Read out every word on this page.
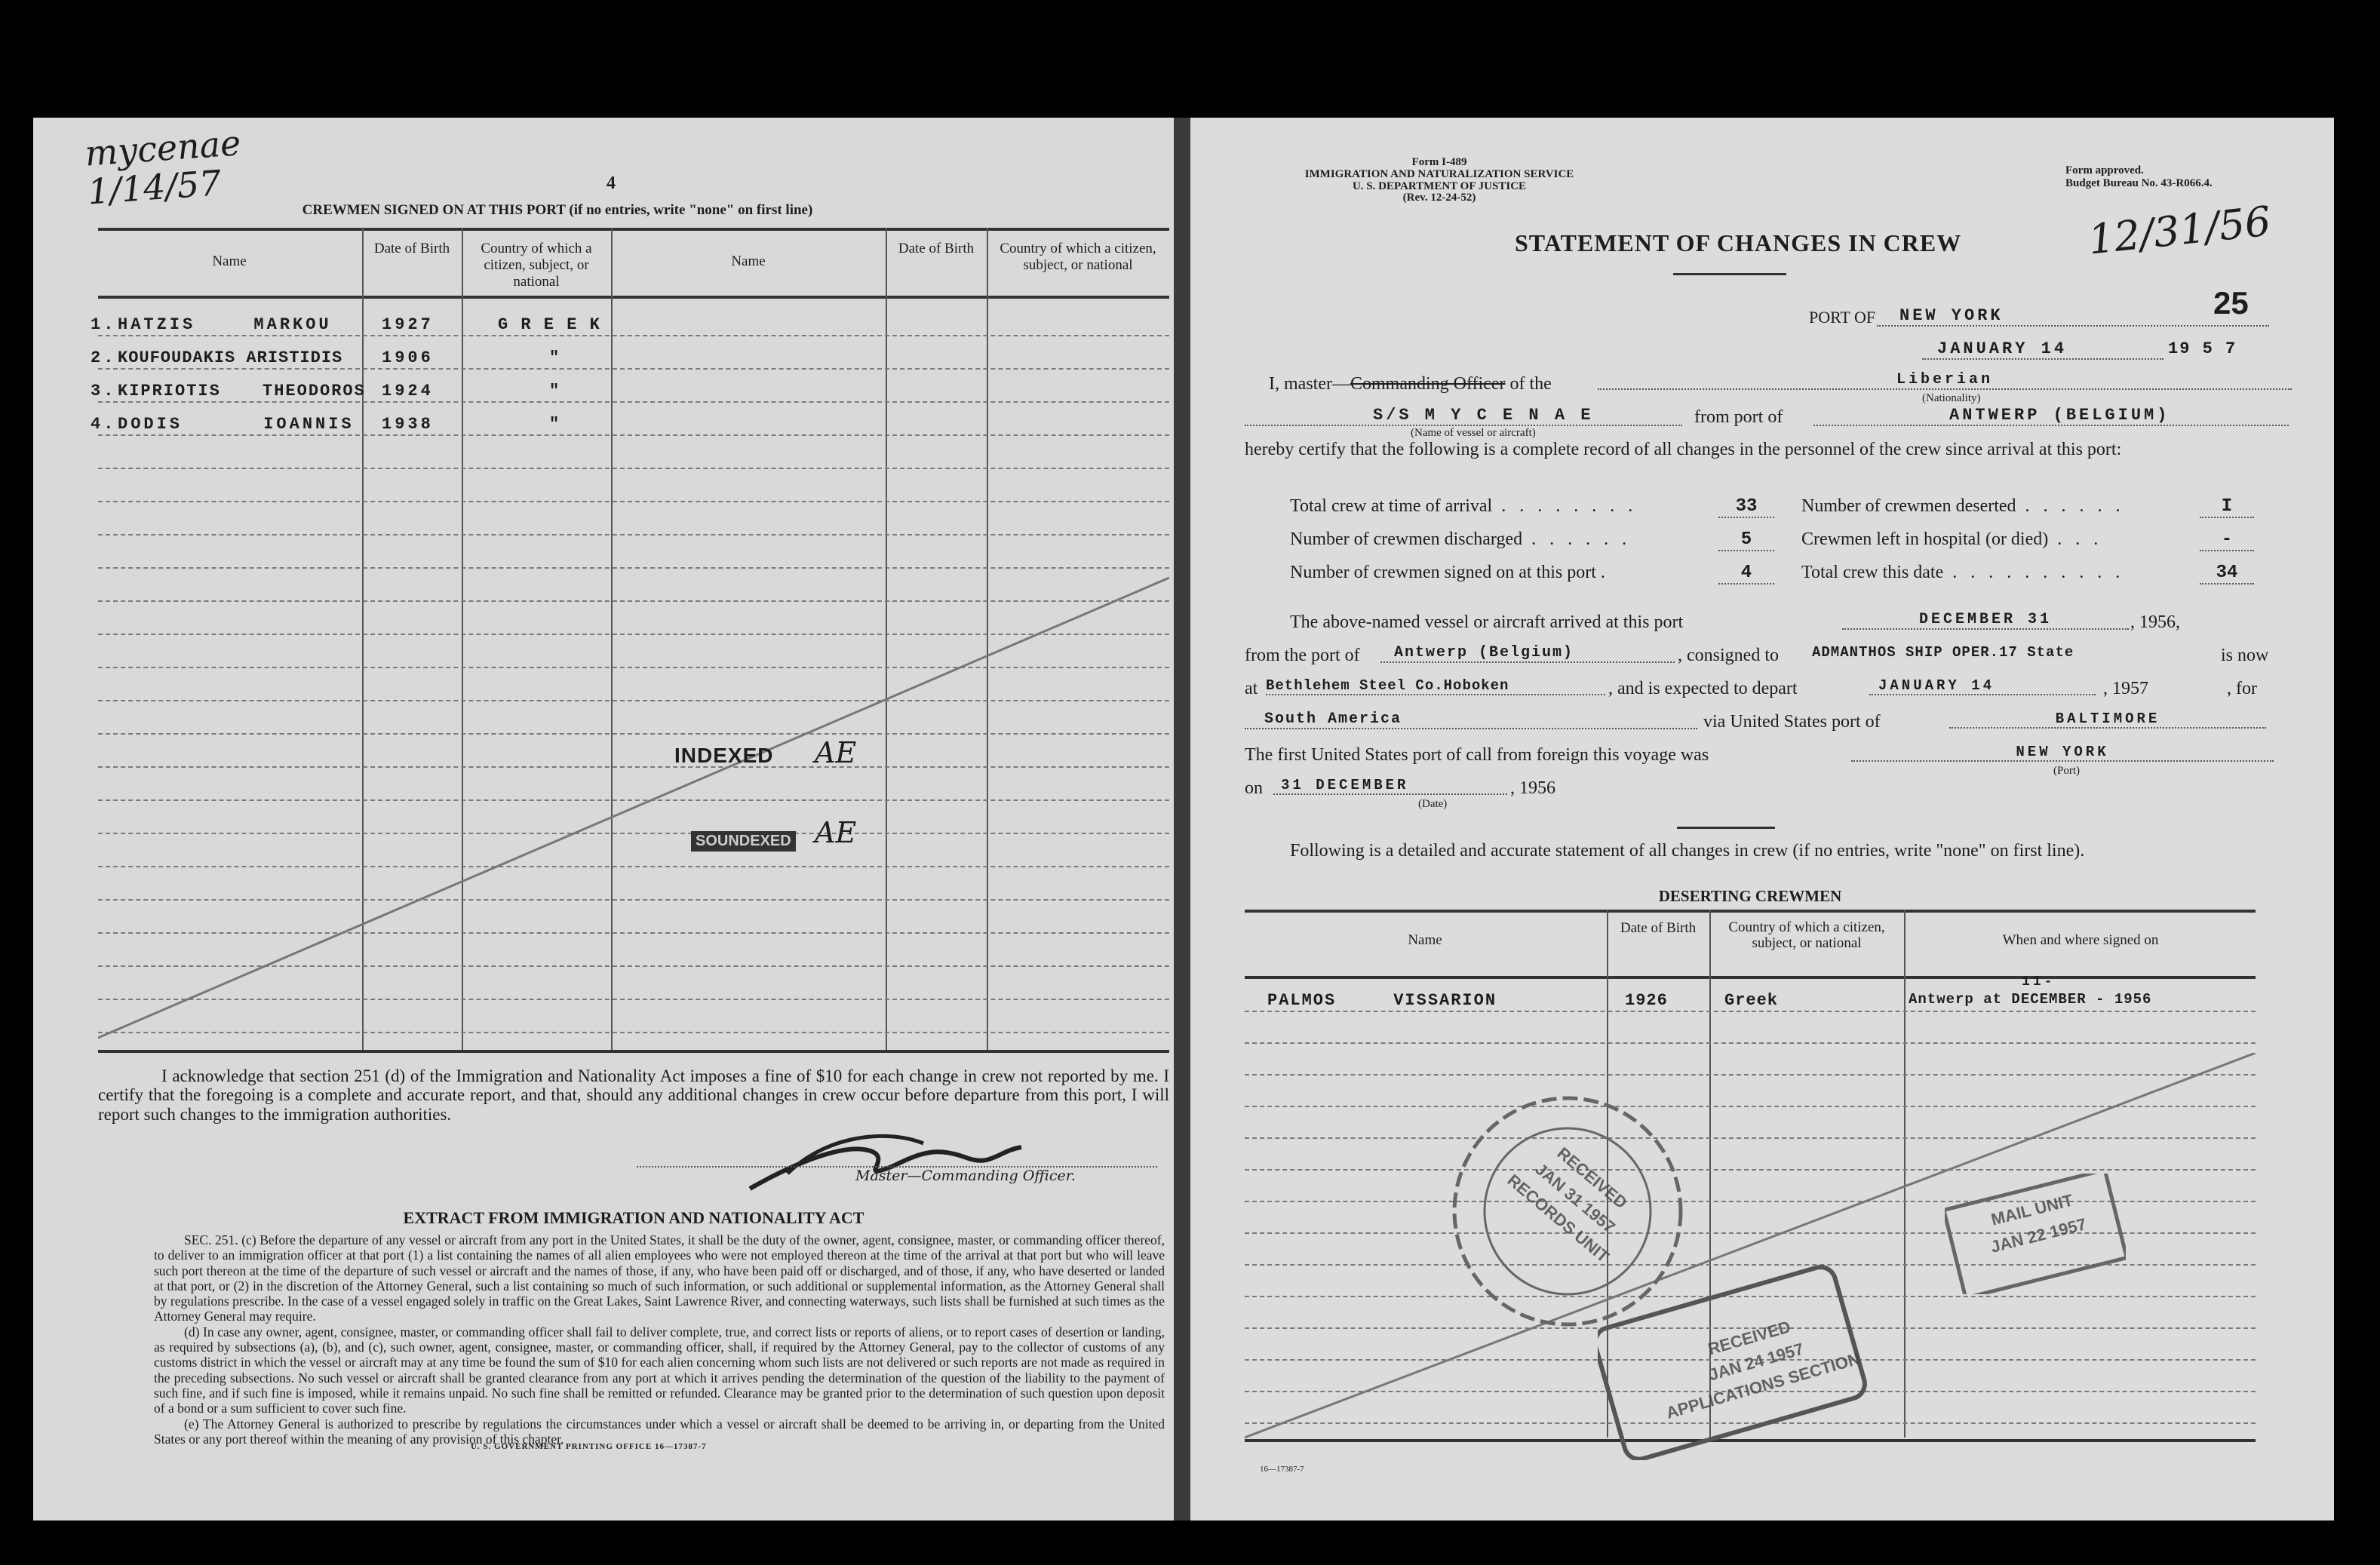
mycenae
1/14/57	4
CREWMEN SIGNED ON AT THIS PORT (if no entries, write "none" on first line)
Name
Date of Birth	Country of which a citizen, subject, or national
Name
Date of Birth	Country of which a citizen, subject, or national
1. HATZIS MARKOU	1927	G R E E K
2. KOUFOUDAKIS ARISTIDIS 1906	"
3. KIPRIOTIS THEODOROS 1924	"
4. DODIS IOANNIS 1938	"
INDEXED AE
SOUNDEXED AE
I acknowledge that section 251 (d) of the Immigration and Nationality Act imposes a fine of $10 for each change in crew not reported by me. I certify that the foregoing is a complete and accurate report, and that, should any additional changes in crew occur before departure from this port, I will report such changes to the immigration authorities.
Master—Commanding Officer.
EXTRACT FROM IMMIGRATION AND NATIONALITY ACT
SEC. 251. (c) Before the departure of any vessel or aircraft from any port in the United States, it shall be the duty of the owner, agent, consignee, master, or commanding officer thereof, to deliver to an immigration officer at that port (1) a list containing the names of all alien employees who were not employed thereon at the time of the arrival at that port but who will leave such port thereon at the time of the departure of such vessel or aircraft and the names of those, if any, who have been paid off or discharged, and of those, if any, who have deserted or landed at that port, or (2) in the discretion of the Attorney General, such a list containing so much of such information, or such additional or supplemental information, as the Attorney General shall by regulations prescribe. In the case of a vessel engaged solely in traffic on the Great Lakes, Saint Lawrence River, and connecting waterways, such lists shall be furnished at such times as the Attorney General may require.
(d) In case any owner, agent, consignee, master, or commanding officer shall fail to deliver complete, true, and correct lists or reports of aliens, or to report cases of desertion or landing, as required by subsections (a), (b), and (c), such owner, agent, consignee, master, or commanding officer, shall, if required by the Attorney General, pay to the collector of customs of any customs district in which the vessel or aircraft may at any time be found the sum of $10 for each alien concerning whom such lists are not delivered or such reports are not made as required in the preceding subsections. No such vessel or aircraft shall be granted clearance from any port at which it arrives pending the determination of the question of the liability to the payment of such fine, and if such fine is imposed, while it remains unpaid. No such fine shall be remitted or refunded. Clearance may be granted prior to the determination of such question upon deposit of a bond or a sum sufficient to cover such fine.
(e) The Attorney General is authorized to prescribe by regulations the circumstances under which a vessel or aircraft shall be deemed to be arriving in, or departing from the United States or any port thereof within the meaning of any provision of this chapter.
U. S. GOVERNMENT PRINTING OFFICE 16—17387-7
Form I-489
IMMIGRATION AND NATURALIZATION SERVICE
U. S. DEPARTMENT OF JUSTICE
(Rev. 12-24-52)
Form approved.
Budget Bureau No. 43-R066.4.
STATEMENT OF CHANGES IN CREW	12/31/56
25
PORT OF	NEW YORK
JANUARY 14	19 5 7
I, master—Commanding Officer of the	Liberian
(Nationality)
S/S M Y C E N A E
(Name of vessel or aircraft)
from port of	ANTWERP (BELGIUM)
hereby certify that the following is a complete record of all changes in the personnel of the crew since arrival at this port:
Total crew at time of arrival . . . . . . . .	33
Number of crewmen discharged . . . . . .	5
Number of crewmen signed on at this port .	4
Number of crewmen deserted . . . . . .	I
Crewmen left in hospital (or died) . . .	-
Total crew this date . . . . . . . . . .	34
The above-named vessel or aircraft arrived at this port	DECEMBER 31	, 1956,
from the port of	Antwerp (Belgium)	, consigned to ADMANTHOS SHIP OPER.17 State	is now
at Bethlehem Steel Co.Hoboken	, and is expected to depart	JANUARY 14	, 1957	, for
South America	via United States port of	BALTIMORE
The first United States port of call from foreign this voyage was	NEW YORK
(Port)
on	31 DECEMBER	, 1956
(Date)
Following is a detailed and accurate statement of all changes in crew (if no entries, write "none" on first line).
DESERTING CREWMEN
Name
Date of Birth	Country of which a citizen, subject, or national	When and where signed on
PALMOS     VISSARION	1926	Greek
11-
Antwerp at DECEMBER - 1956
RECEIVED
JAN 31 1957
RECORDS UNIT
RECEIVED
JAN 24 1957
APPLICATIONS SECTION
MAIL UNIT
JAN 22 1957
16—17387-7
